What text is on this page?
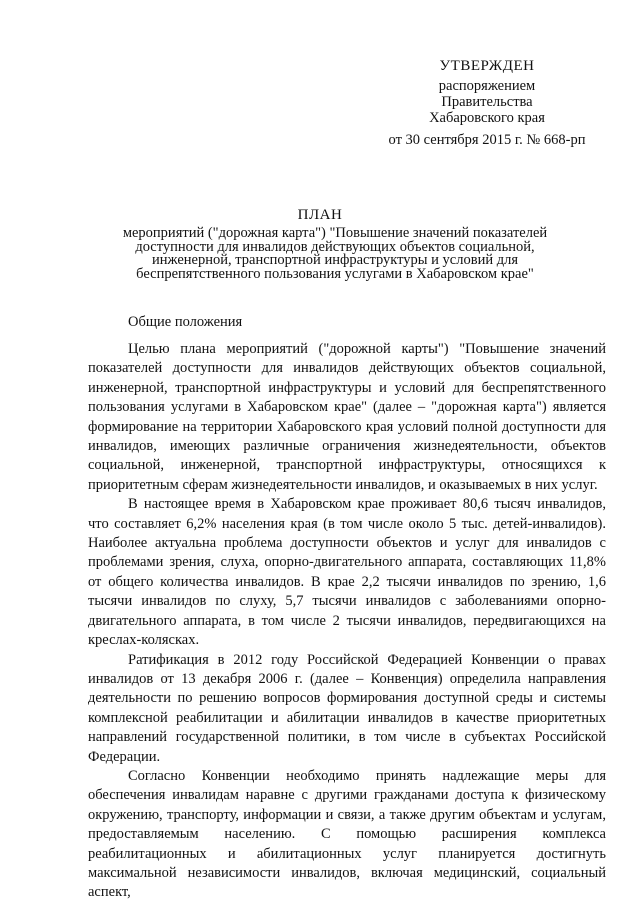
УТВЕРЖДЕН
распоряжением
Правительства
Хабаровского края
от 30 сентября 2015 г. № 668-рп
ПЛАН
мероприятий ("дорожная карта") "Повышение значений показателей доступности для инвалидов действующих объектов социальной, инженерной, транспортной инфраструктуры и условий для беспрепятственного пользования услугами в Хабаровском крае"
Общие положения

Целью плана мероприятий ("дорожной карты") "Повышение значений показателей доступности для инвалидов действующих объектов социальной, инженерной, транспортной инфраструктуры и условий для беспрепятственного пользования услугами в Хабаровском крае" (далее – "дорожная карта") является формирование на территории Хабаровского края условий полной доступности для инвалидов, имеющих различные ограничения жизнедеятельности, объектов социальной, инженерной, транспортной инфраструктуры, относящихся к приоритетным сферам жизнедеятельности инвалидов, и оказываемых в них услуг.

В настоящее время в Хабаровском крае проживает 80,6 тысяч инвалидов, что составляет 6,2% населения края (в том числе около 5 тыс. детей-инвалидов). Наиболее актуальна проблема доступности объектов и услуг для инвалидов с проблемами зрения, слуха, опорно-двигательного аппарата, составляющих 11,8% от общего количества инвалидов. В крае 2,2 тысячи инвалидов по зрению, 1,6 тысячи инвалидов по слуху, 5,7 тысячи инвалидов с заболеваниями опорно-двигательного аппарата, в том числе 2 тысячи инвалидов, передвигающихся на креслах-колясках.

Ратификация в 2012 году Российской Федерацией Конвенции о правах инвалидов от 13 декабря 2006 г. (далее – Конвенция) определила направления деятельности по решению вопросов формирования доступной среды и системы комплексной реабилитации и абилитации инвалидов в качестве приоритетных направлений государственной политики, в том числе в субъектах Российской Федерации.

Согласно Конвенции необходимо принять надлежащие меры для обеспечения инвалидам наравне с другими гражданами доступа к физическому окружению, транспорту, информации и связи, а также другим объектам и услугам, предоставляемым населению. С помощью расширения комплекса реабилитационных и абилитационных услуг планируется достигнуть максимальной независимости инвалидов, включая медицинский, социальный аспект,
